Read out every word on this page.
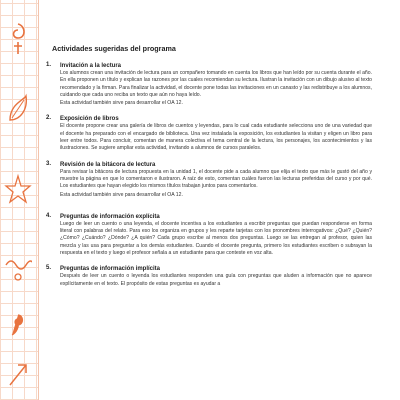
Actividades sugeridas del programa
1. Invitación a la lectura
Los alumnos crean una invitación de lectura para un compañero tomando en cuenta los libros que han leído por su cuenta durante el año. En ella proponen un título y explican las razones por las cuales recomiendan su lectura. Ilustran la invitación con un dibujo alusivo al texto recomendado y la firman. Para finalizar la actividad, el docente pone todas las invitaciones en un canasto y las redistribuye a los alumnos, cuidando que cada uno reciba un texto que aún no haya leído.
Esta actividad también sirve para desarrollar el OA 12.
2. Exposición de libros
El docente propone crear una galería de libros de cuentos y leyendas, para lo cual cada estudiante selecciona uno de una variedad que el docente ha preparado con el encargado de biblioteca. Una vez instalada la exposición, los estudiantes la visitan y eligen un libro para leer entre todos. Para concluir, comentan de manera colectiva el tema central de la lectura, los personajes, los acontecimientos y las ilustraciones. Se sugiere ampliar esta actividad, invitando a alumnos de cursos paralelos.
3. Revisión de la bitácora de lectura
Para revisar la bitácora de lectura propuesta en la unidad 1, el docente pide a cada alumno que elija el texto que más le gustó del año y muestre la página en que lo comentaron e ilustraron. A raíz de esto, comentan cuáles fueron las lecturas preferidas del curso y por qué. Los estudiantes que hayan elegido los mismos títulos trabajan juntos para comentarlos.
Esta actividad también sirve para desarrollar el OA 12.
4. Preguntas de información explícita
Luego de leer un cuento o una leyenda, el docente incentiva a los estudiantes a escribir preguntas que puedan responderse en forma literal con palabras del relato. Para eso los organiza en grupos y les reparte tarjetas con los pronombres interrogativos: ¿Qué? ¿Quién? ¿Cómo? ¿Cuándo? ¿Dónde? ¿A quién? Cada grupo escribe al menos dos preguntas. Luego se las entregan al profesor, quien las mezcla y las usa para preguntar a los demás estudiantes. Cuando el docente pregunta, primero los estudiantes escriben o subrayan la respuesta en el texto y luego el profesor señala a un estudiante para que conteste en voz alta.
5. Preguntas de información implícita
Después de leer un cuento o leyenda los estudiantes responden una guía con preguntas que aluden a información que no aparece explícitamente en el texto. El propósito de estas preguntas es ayudar a
